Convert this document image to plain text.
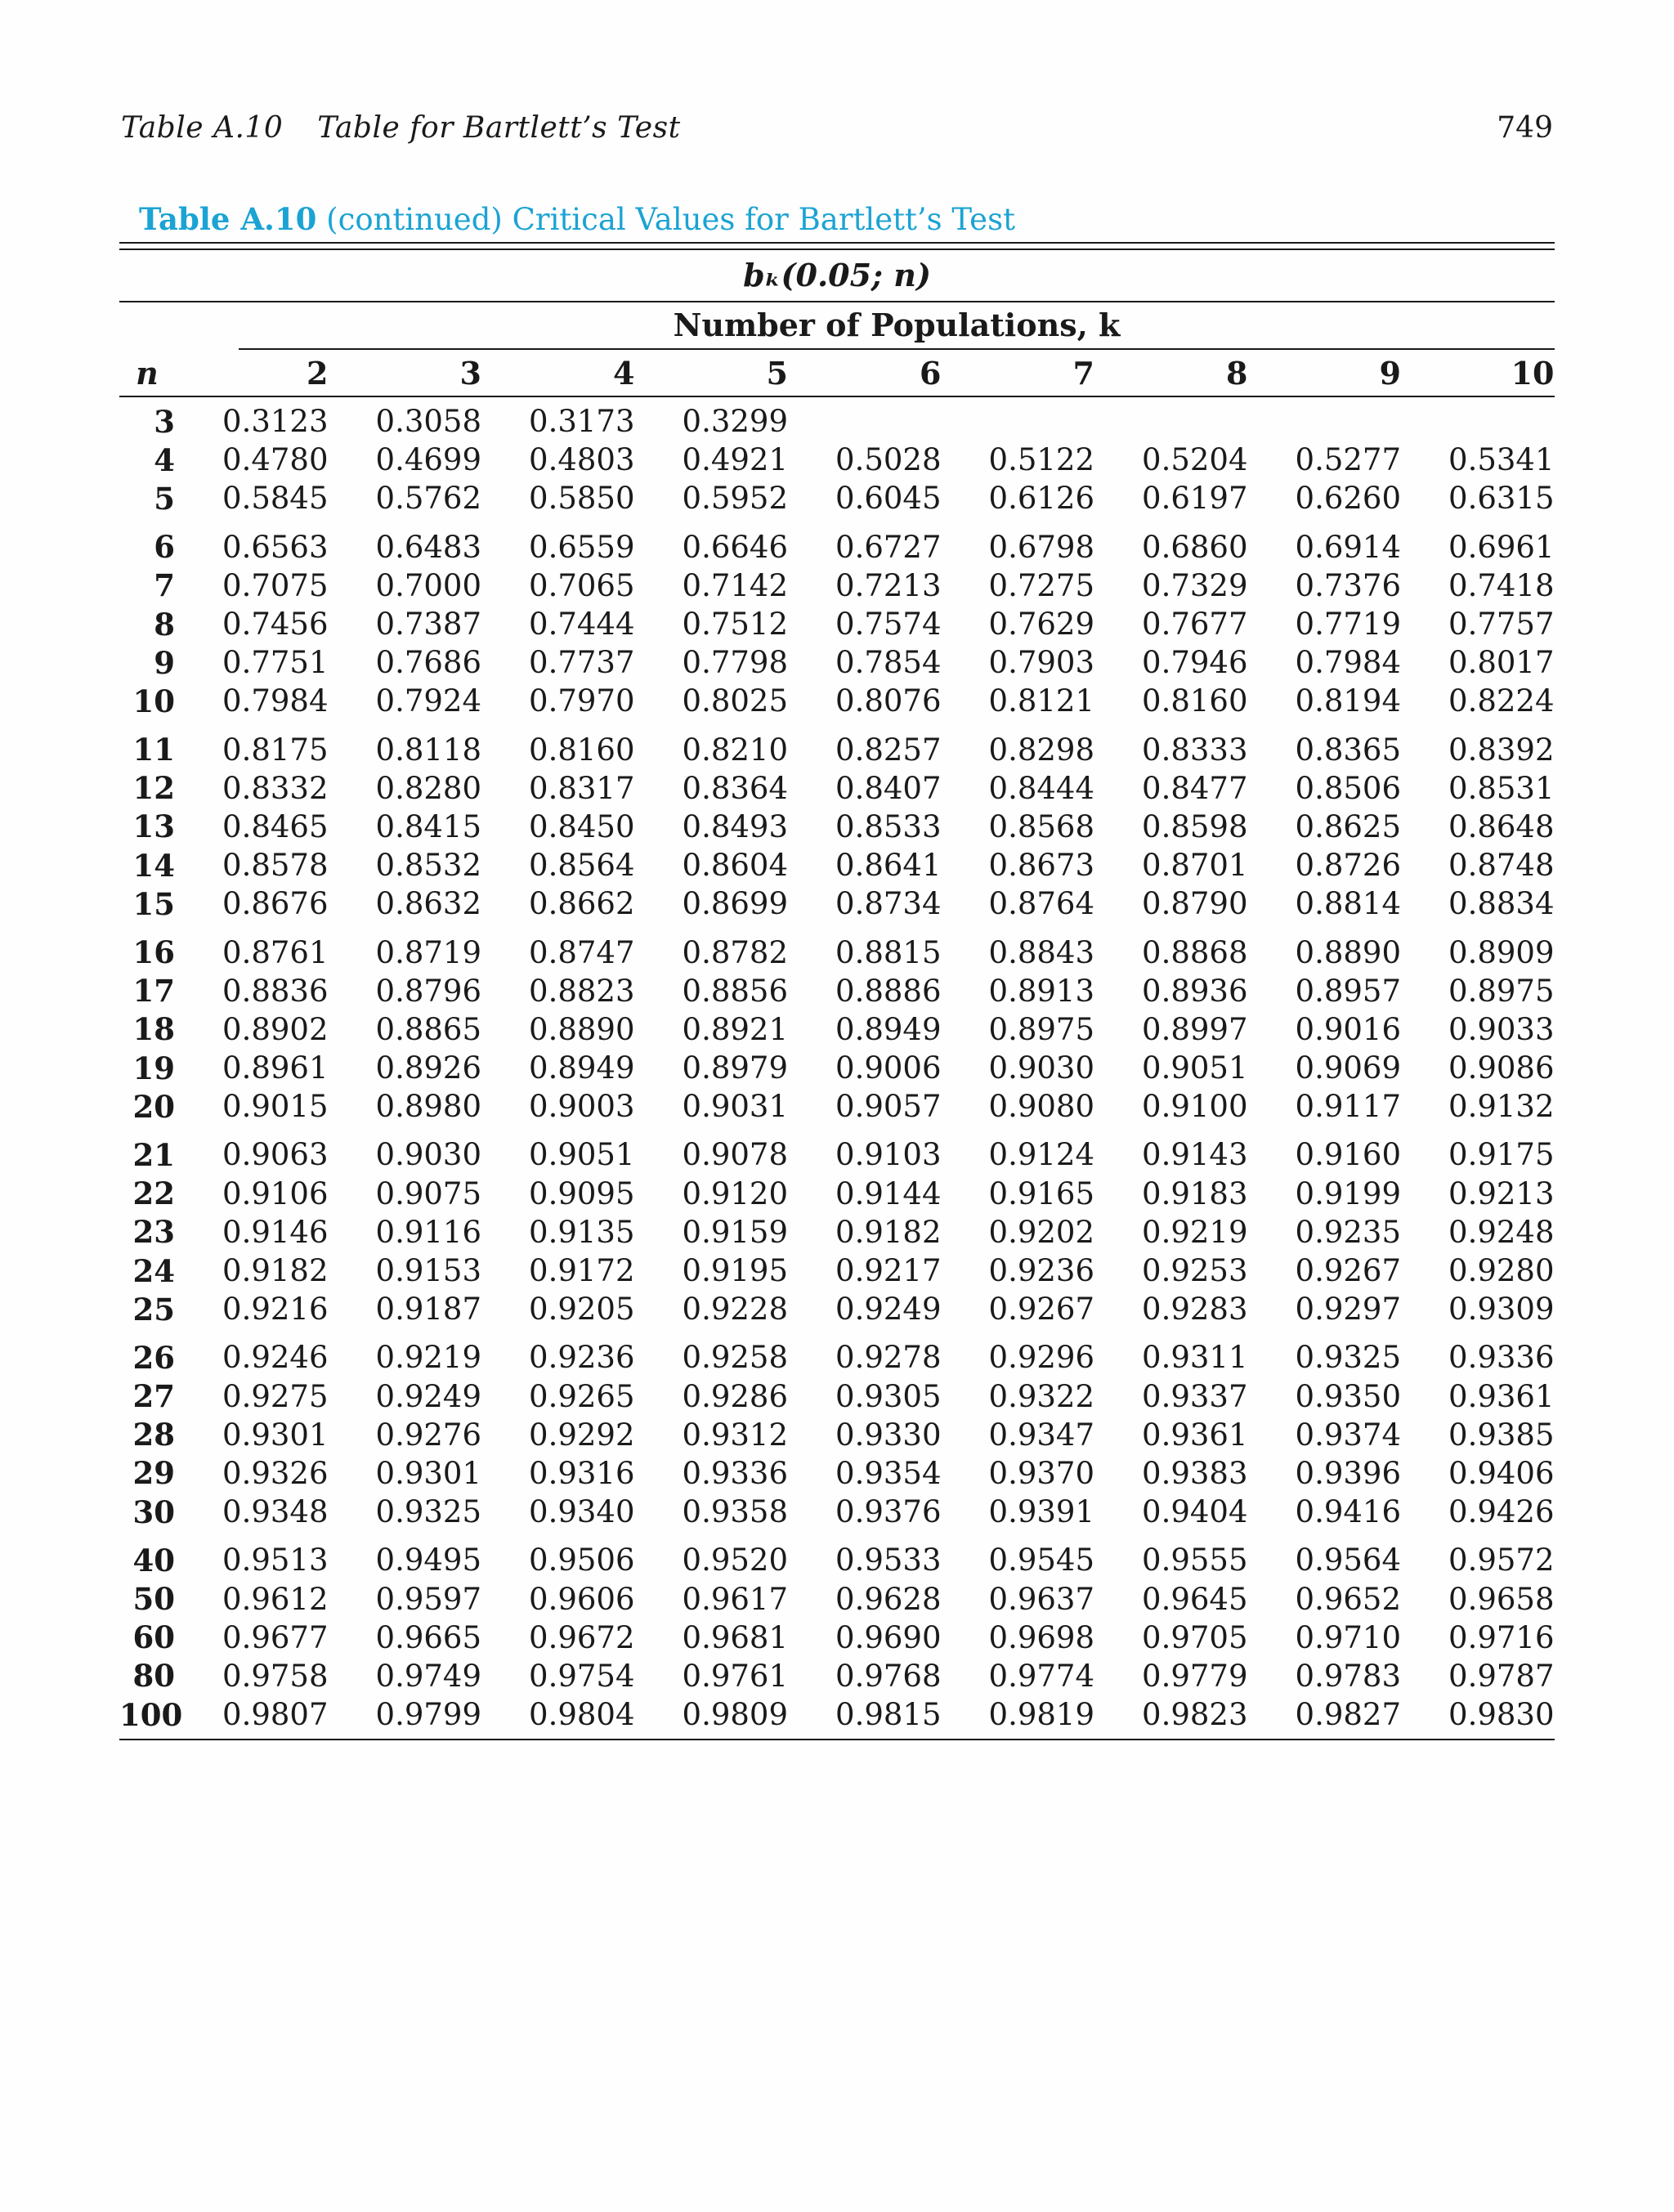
Table A.10 Table for Bartlett’s Test	749
Table A.10 (continued) Critical Values for Bartlett’s Test
bₖ(0.05; n)
Number of Populations, k
n	2	3	4	5	6	7	8	9	10
3	0.3123	0.3058	0.3173	0.3299
4	0.4780	0.4699	0.4803	0.4921	0.5028	0.5122	0.5204	0.5277	0.5341
5	0.5845	0.5762	0.5850	0.5952	0.6045	0.6126	0.6197	0.6260	0.6315
6	0.6563	0.6483	0.6559	0.6646	0.6727	0.6798	0.6860	0.6914	0.6961
7	0.7075	0.7000	0.7065	0.7142	0.7213	0.7275	0.7329	0.7376	0.7418
8	0.7456	0.7387	0.7444	0.7512	0.7574	0.7629	0.7677	0.7719	0.7757
9	0.7751	0.7686	0.7737	0.7798	0.7854	0.7903	0.7946	0.7984	0.8017
10	0.7984	0.7924	0.7970	0.8025	0.8076	0.8121	0.8160	0.8194	0.8224
11	0.8175	0.8118	0.8160	0.8210	0.8257	0.8298	0.8333	0.8365	0.8392
12	0.8332	0.8280	0.8317	0.8364	0.8407	0.8444	0.8477	0.8506	0.8531
13	0.8465	0.8415	0.8450	0.8493	0.8533	0.8568	0.8598	0.8625	0.8648
14	0.8578	0.8532	0.8564	0.8604	0.8641	0.8673	0.8701	0.8726	0.8748
15	0.8676	0.8632	0.8662	0.8699	0.8734	0.8764	0.8790	0.8814	0.8834
16	0.8761	0.8719	0.8747	0.8782	0.8815	0.8843	0.8868	0.8890	0.8909
17	0.8836	0.8796	0.8823	0.8856	0.8886	0.8913	0.8936	0.8957	0.8975
18	0.8902	0.8865	0.8890	0.8921	0.8949	0.8975	0.8997	0.9016	0.9033
19	0.8961	0.8926	0.8949	0.8979	0.9006	0.9030	0.9051	0.9069	0.9086
20	0.9015	0.8980	0.9003	0.9031	0.9057	0.9080	0.9100	0.9117	0.9132
21	0.9063	0.9030	0.9051	0.9078	0.9103	0.9124	0.9143	0.9160	0.9175
22	0.9106	0.9075	0.9095	0.9120	0.9144	0.9165	0.9183	0.9199	0.9213
23	0.9146	0.9116	0.9135	0.9159	0.9182	0.9202	0.9219	0.9235	0.9248
24	0.9182	0.9153	0.9172	0.9195	0.9217	0.9236	0.9253	0.9267	0.9280
25	0.9216	0.9187	0.9205	0.9228	0.9249	0.9267	0.9283	0.9297	0.9309
26	0.9246	0.9219	0.9236	0.9258	0.9278	0.9296	0.9311	0.9325	0.9336
27	0.9275	0.9249	0.9265	0.9286	0.9305	0.9322	0.9337	0.9350	0.9361
28	0.9301	0.9276	0.9292	0.9312	0.9330	0.9347	0.9361	0.9374	0.9385
29	0.9326	0.9301	0.9316	0.9336	0.9354	0.9370	0.9383	0.9396	0.9406
30	0.9348	0.9325	0.9340	0.9358	0.9376	0.9391	0.9404	0.9416	0.9426
40	0.9513	0.9495	0.9506	0.9520	0.9533	0.9545	0.9555	0.9564	0.9572
50	0.9612	0.9597	0.9606	0.9617	0.9628	0.9637	0.9645	0.9652	0.9658
60	0.9677	0.9665	0.9672	0.9681	0.9690	0.9698	0.9705	0.9710	0.9716
80	0.9758	0.9749	0.9754	0.9761	0.9768	0.9774	0.9779	0.9783	0.9787
100	0.9807	0.9799	0.9804	0.9809	0.9815	0.9819	0.9823	0.9827	0.9830
